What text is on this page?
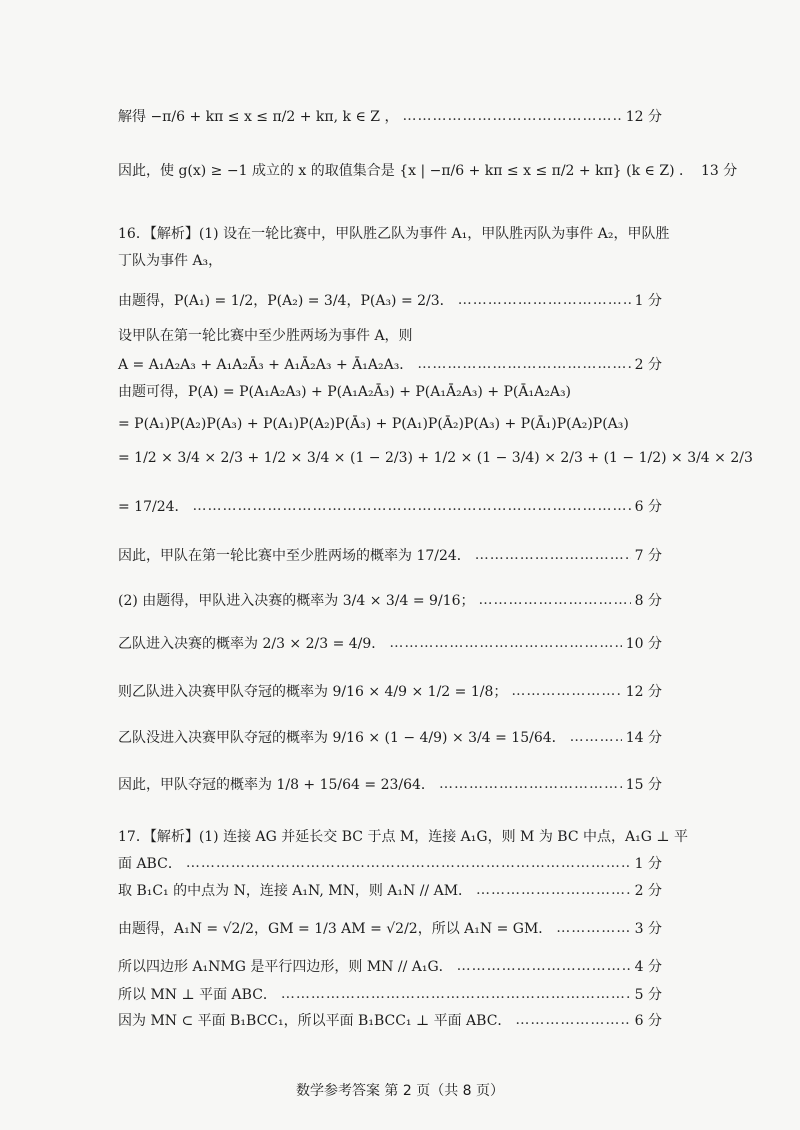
解得 −π/6 + kπ ≤ x ≤ π/2 + kπ, k ∈ Z ， ……………………………………………………………………………………………………………………………………………………	12 分
因此，使 g(x) ≥ −1 成立的 x 的取值集合是 {x | −π/6 + kπ ≤ x ≤ π/2 + kπ} (k ∈ Z) ． 13 分
16．【解析】(1) 设在一轮比赛中，甲队胜乙队为事件 A₁，甲队胜丙队为事件 A₂，甲队胜
丁队为事件 A₃，
由题得，P(A₁) = 1/2，P(A₂) = 3/4，P(A₃) = 2/3． ……………………………………………………………………………………………………………………………………………………	1 分
设甲队在第一轮比赛中至少胜两场为事件 A，则
A = A₁A₂A₃ + A₁A₂Ā₃ + A₁Ā₂A₃ + Ā₁A₂A₃． ……………………………………………………………………………………………………………………………………………………	2 分
由题可得，P(A) = P(A₁A₂A₃) + P(A₁A₂Ā₃) + P(A₁Ā₂A₃) + P(Ā₁A₂A₃)
= P(A₁)P(A₂)P(A₃) + P(A₁)P(A₂)P(Ā₃) + P(A₁)P(Ā₂)P(A₃) + P(Ā₁)P(A₂)P(A₃)
= 1/2 × 3/4 × 2/3 + 1/2 × 3/4 × (1 − 2/3) + 1/2 × (1 − 3/4) × 2/3 + (1 − 1/2) × 3/4 × 2/3
= 17/24． ……………………………………………………………………………………………………………………………………………………	6 分
因此，甲队在第一轮比赛中至少胜两场的概率为 17/24． ……………………………………………………………………………………………………………………………………………………	7 分
(2) 由题得，甲队进入决赛的概率为 3/4 × 3/4 = 9/16； ……………………………………………………………………………………………………………………………………………………	8 分
乙队进入决赛的概率为 2/3 × 2/3 = 4/9． ……………………………………………………………………………………………………………………………………………………	10 分
则乙队进入决赛甲队夺冠的概率为 9/16 × 4/9 × 1/2 = 1/8； ……………………………………………………………………………………………………………………………………………………	12 分
乙队没进入决赛甲队夺冠的概率为 9/16 × (1 − 4/9) × 3/4 = 15/64． ……………………………………………………………………………………………………………………………………………………	14 分
因此，甲队夺冠的概率为 1/8 + 15/64 = 23/64． ……………………………………………………………………………………………………………………………………………………	15 分
17．【解析】(1) 连接 AG 并延长交 BC 于点 M，连接 A₁G，则 M 为 BC 中点，A₁G ⊥ 平
面 ABC． ……………………………………………………………………………………………………………………………………………………	1 分
取 B₁C₁ 的中点为 N，连接 A₁N, MN，则 A₁N // AM． ……………………………………………………………………………………………………………………………………………………	2 分
由题得，A₁N = √2/2，GM = 1/3 AM = √2/2，所以 A₁N = GM． ……………………………………………………………………………………………………………………………………………………	3 分
所以四边形 A₁NMG 是平行四边形，则 MN // A₁G． ……………………………………………………………………………………………………………………………………………………	4 分
所以 MN ⊥ 平面 ABC． ……………………………………………………………………………………………………………………………………………………	5 分
因为 MN ⊂ 平面 B₁BCC₁，所以平面 B₁BCC₁ ⊥ 平面 ABC． ……………………………………………………………………………………………………………………………………………………	6 分
数学参考答案 第 2 页（共 8 页）
